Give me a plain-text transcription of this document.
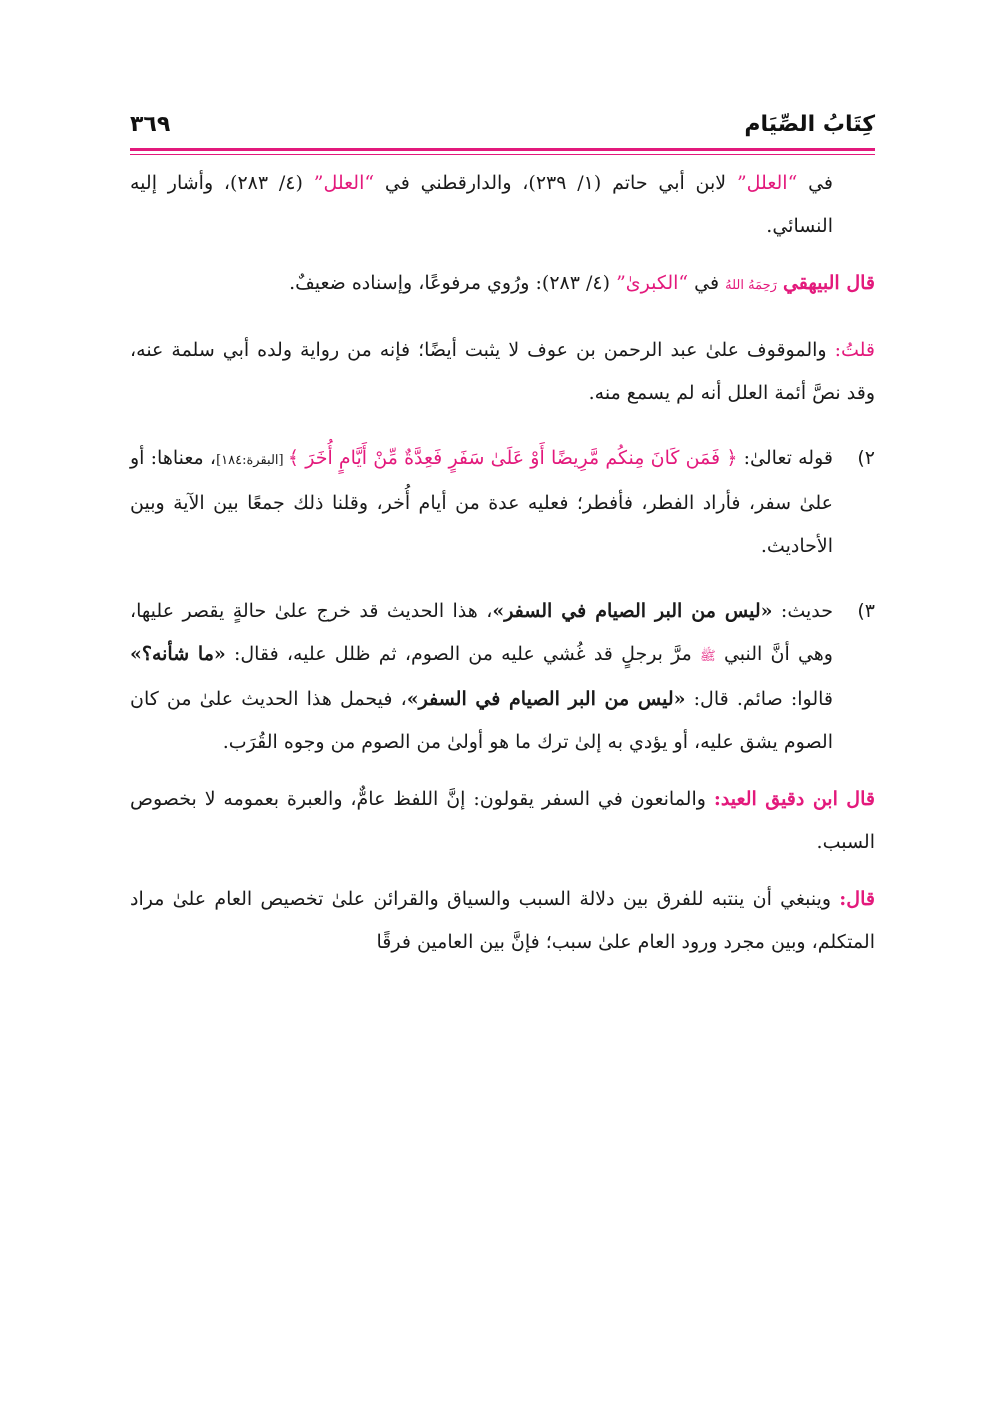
كِتَابُ الصِّيَام
٣٦٩

في “العلل” لابن أبي حاتم (١/ ٢٣٩)، والدارقطني في “العلل” (٤/ ٢٨٣)، وأشار إليه النسائي.

قال البيهقي رَحِمَهُ اللهُ في “الكبرىٰ” (٤/ ٢٨٣): ورُوي مرفوعًا، وإسناده ضعيفٌ.

قلتُ: والموقوف علىٰ عبد الرحمن بن عوف لا يثبت أيضًا؛ فإنه من رواية ولده أبي سلمة عنه، وقد نصَّ أئمة العلل أنه لم يسمع منه.

٢)
قوله تعالىٰ: ﴿ فَمَن كَانَ مِنكُم مَّرِيضًا أَوْ عَلَىٰ سَفَرٍ فَعِدَّةٌ مِّنْ أَيَّامٍ أُخَرَ ﴾ [البقرة:١٨٤]، معناها: أو علىٰ سفر، فأراد الفطر، فأفطر؛ فعليه عدة من أيام أُخر، وقلنا ذلك جمعًا بين الآية وبين الأحاديث.

٣)
حديث: «ليس من البر الصيام في السفر»، هذا الحديث قد خرج علىٰ حالةٍ يقصر عليها، وهي أنَّ النبي ﷺ مرَّ برجلٍ قد غُشي عليه من الصوم، ثم ظلل عليه، فقال: «ما شأنه؟» قالوا: صائم. قال: «ليس من البر الصيام في السفر»، فيحمل هذا الحديث علىٰ من كان الصوم يشق عليه، أو يؤدي به إلىٰ ترك ما هو أولىٰ من الصوم من وجوه القُرَب.

قال ابن دقيق العيد: والمانعون في السفر يقولون: إنَّ اللفظ عامٌّ، والعبرة بعمومه لا بخصوص السبب.

قال: وينبغي أن ينتبه للفرق بين دلالة السبب والسياق والقرائن علىٰ تخصيص العام علىٰ مراد المتكلم، وبين مجرد ورود العام علىٰ سبب؛ فإنَّ بين العامين فرقًا
